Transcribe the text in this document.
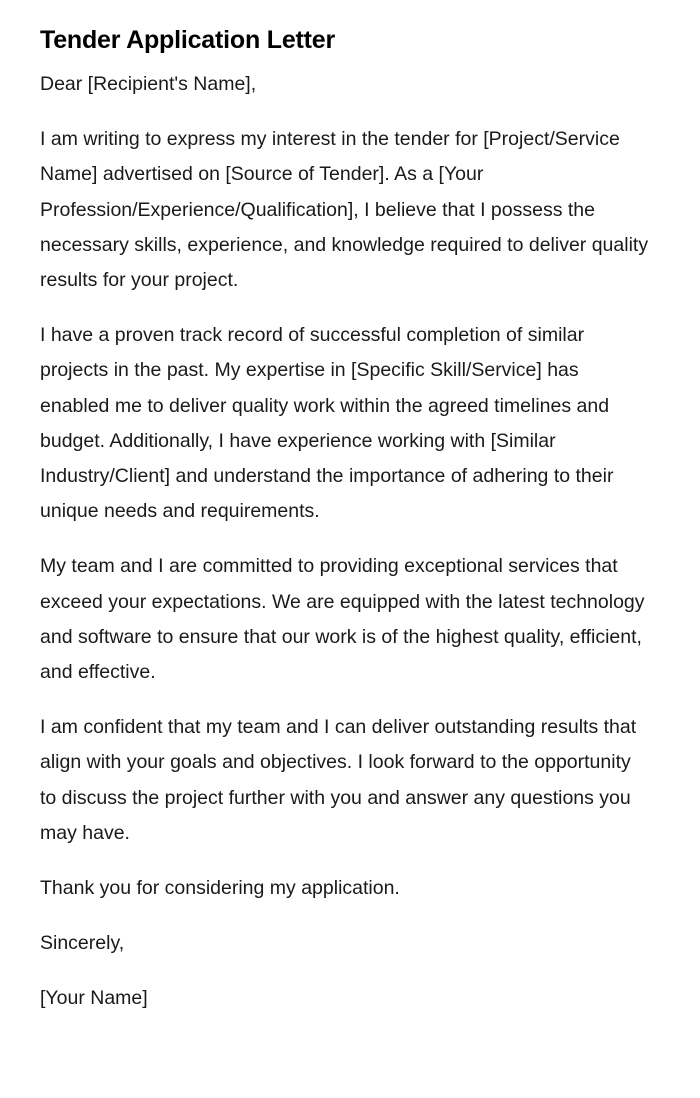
Tender Application Letter

Dear [Recipient's Name],

I am writing to express my interest in the tender for [Project/Service Name] advertised on [Source of Tender]. As a [Your Profession/Experience/Qualification], I believe that I possess the necessary skills, experience, and knowledge required to deliver quality results for your project.

I have a proven track record of successful completion of similar projects in the past. My expertise in [Specific Skill/Service] has enabled me to deliver quality work within the agreed timelines and budget. Additionally, I have experience working with [Similar Industry/Client] and understand the importance of adhering to their unique needs and requirements.

My team and I are committed to providing exceptional services that exceed your expectations. We are equipped with the latest technology and software to ensure that our work is of the highest quality, efficient, and effective.

I am confident that my team and I can deliver outstanding results that align with your goals and objectives. I look forward to the opportunity to discuss the project further with you and answer any questions you may have.

Thank you for considering my application.

Sincerely,

[Your Name]
